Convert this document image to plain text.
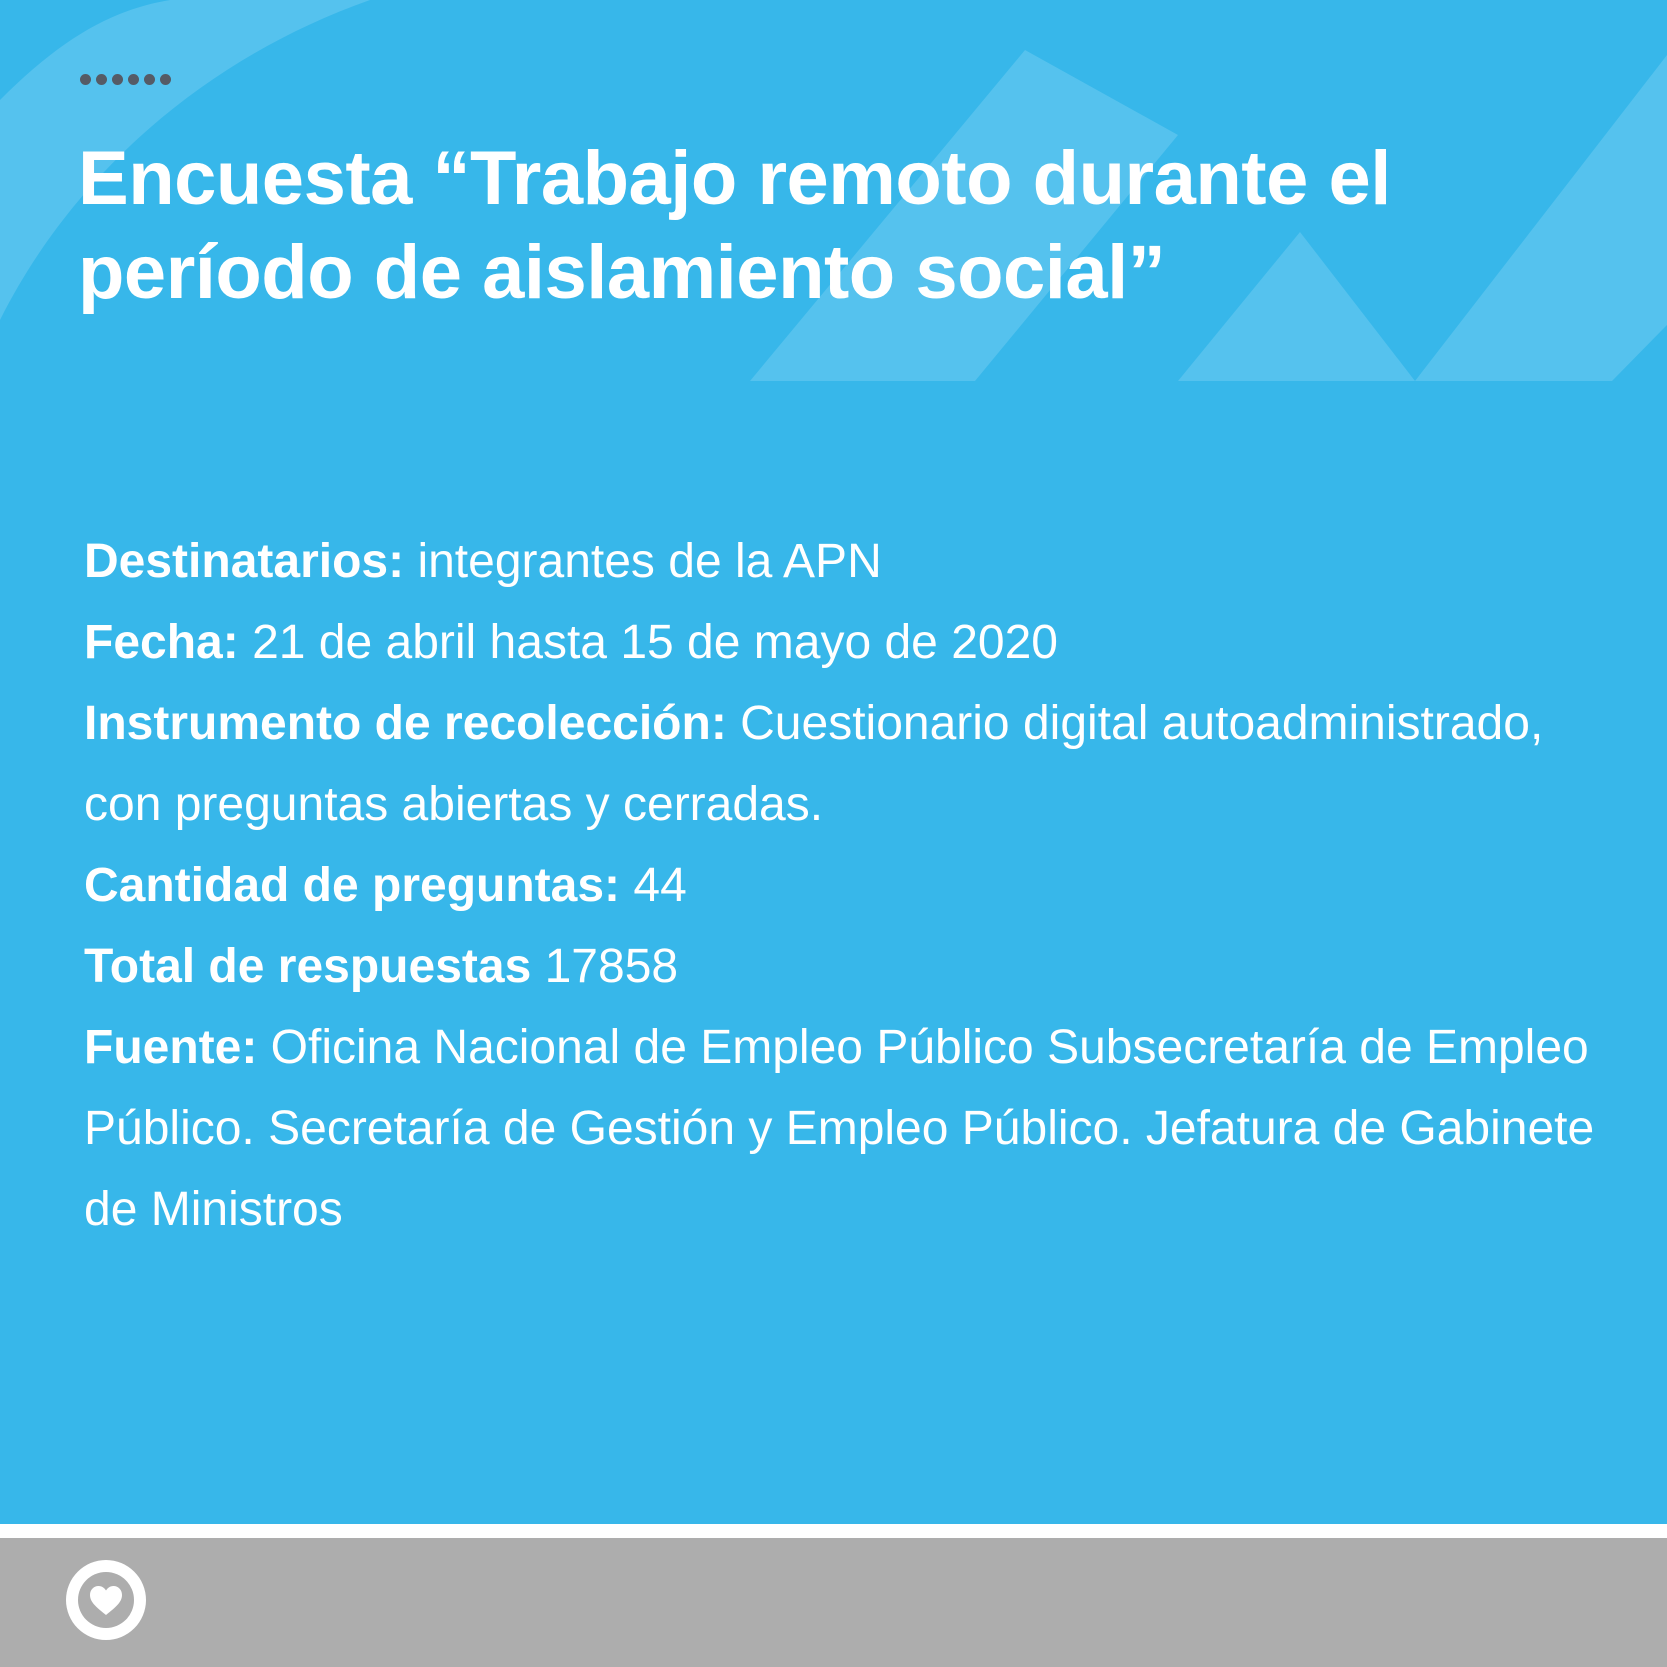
Encuesta “Trabajo remoto durante el período de aislamiento social”
Destinatarios: integrantes de la APN
Fecha: 21 de abril hasta 15 de mayo de 2020
Instrumento de recolección: Cuestionario digital autoadministrado, con preguntas abiertas y cerradas.
Cantidad de preguntas: 44
Total de respuestas 17858
Fuente: Oficina Nacional de Empleo Público Subsecretaría de Empleo Público. Secretaría de Gestión y Empleo Público. Jefatura de Gabinete de Ministros
